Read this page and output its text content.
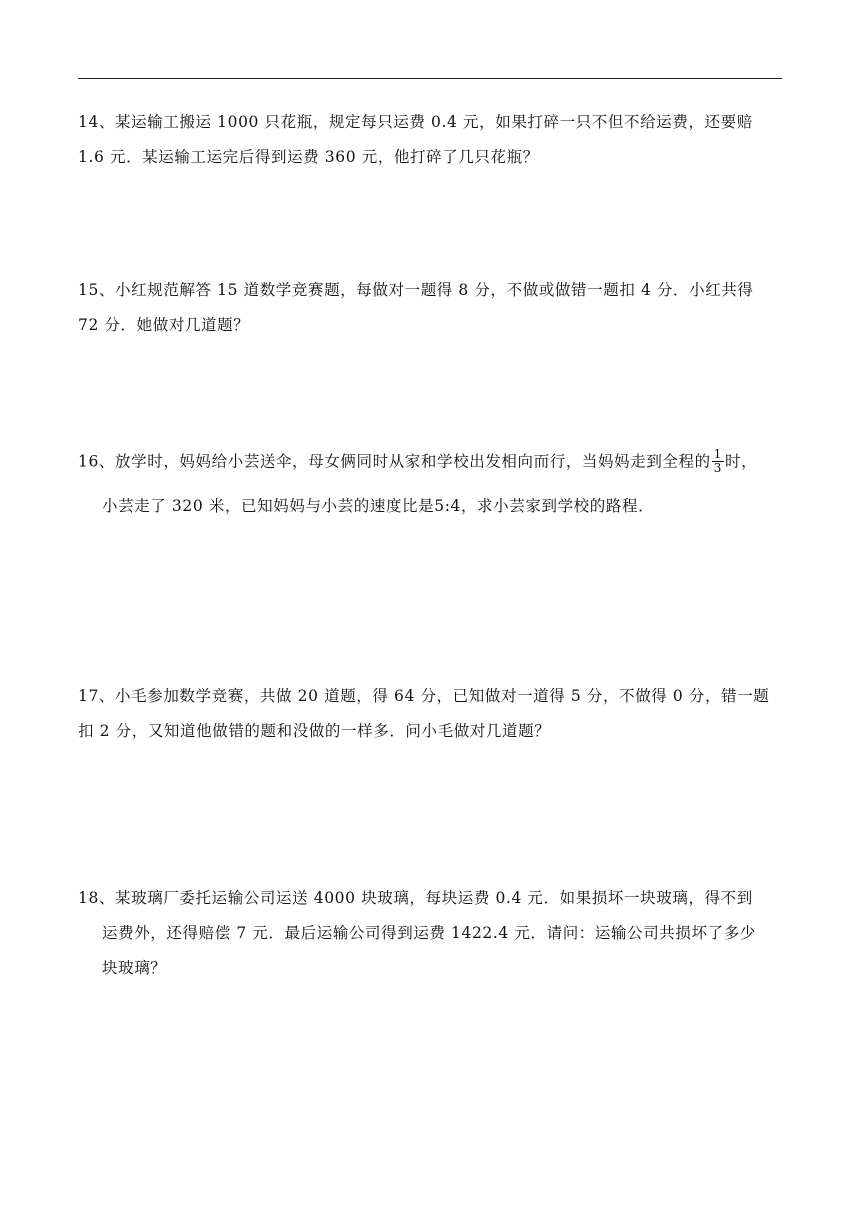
14、某运输工搬运 1000 只花瓶，规定每只运费 0.4 元，如果打碎一只不但不给运费，还要赔
1.6 元．某运输工运完后得到运费 360 元，他打碎了几只花瓶？
15、小红规范解答 15 道数学竞赛题，每做对一题得 8 分，不做或做错一题扣 4 分．小红共得
72 分．她做对几道题？
16、放学时，妈妈给小芸送伞，母女俩同时从家和学校出发相向而行，当妈妈走到全程的 $\frac{1}{3}$ 时，
小芸走了 320 米，已知妈妈与小芸的速度比是5:4，求小芸家到学校的路程．
17、小毛参加数学竞赛，共做 20 道题，得 64 分，已知做对一道得 5 分，不做得 0 分，错一题
扣 2 分，又知道他做错的题和没做的一样多．问小毛做对几道题？
18、某玻璃厂委托运输公司运送 4000 块玻璃，每块运费 0.4 元．如果损坏一块玻璃，得不到
运费外，还得赔偿 7 元．最后运输公司得到运费 1422.4 元．请问：运输公司共损坏了多少
块玻璃？
